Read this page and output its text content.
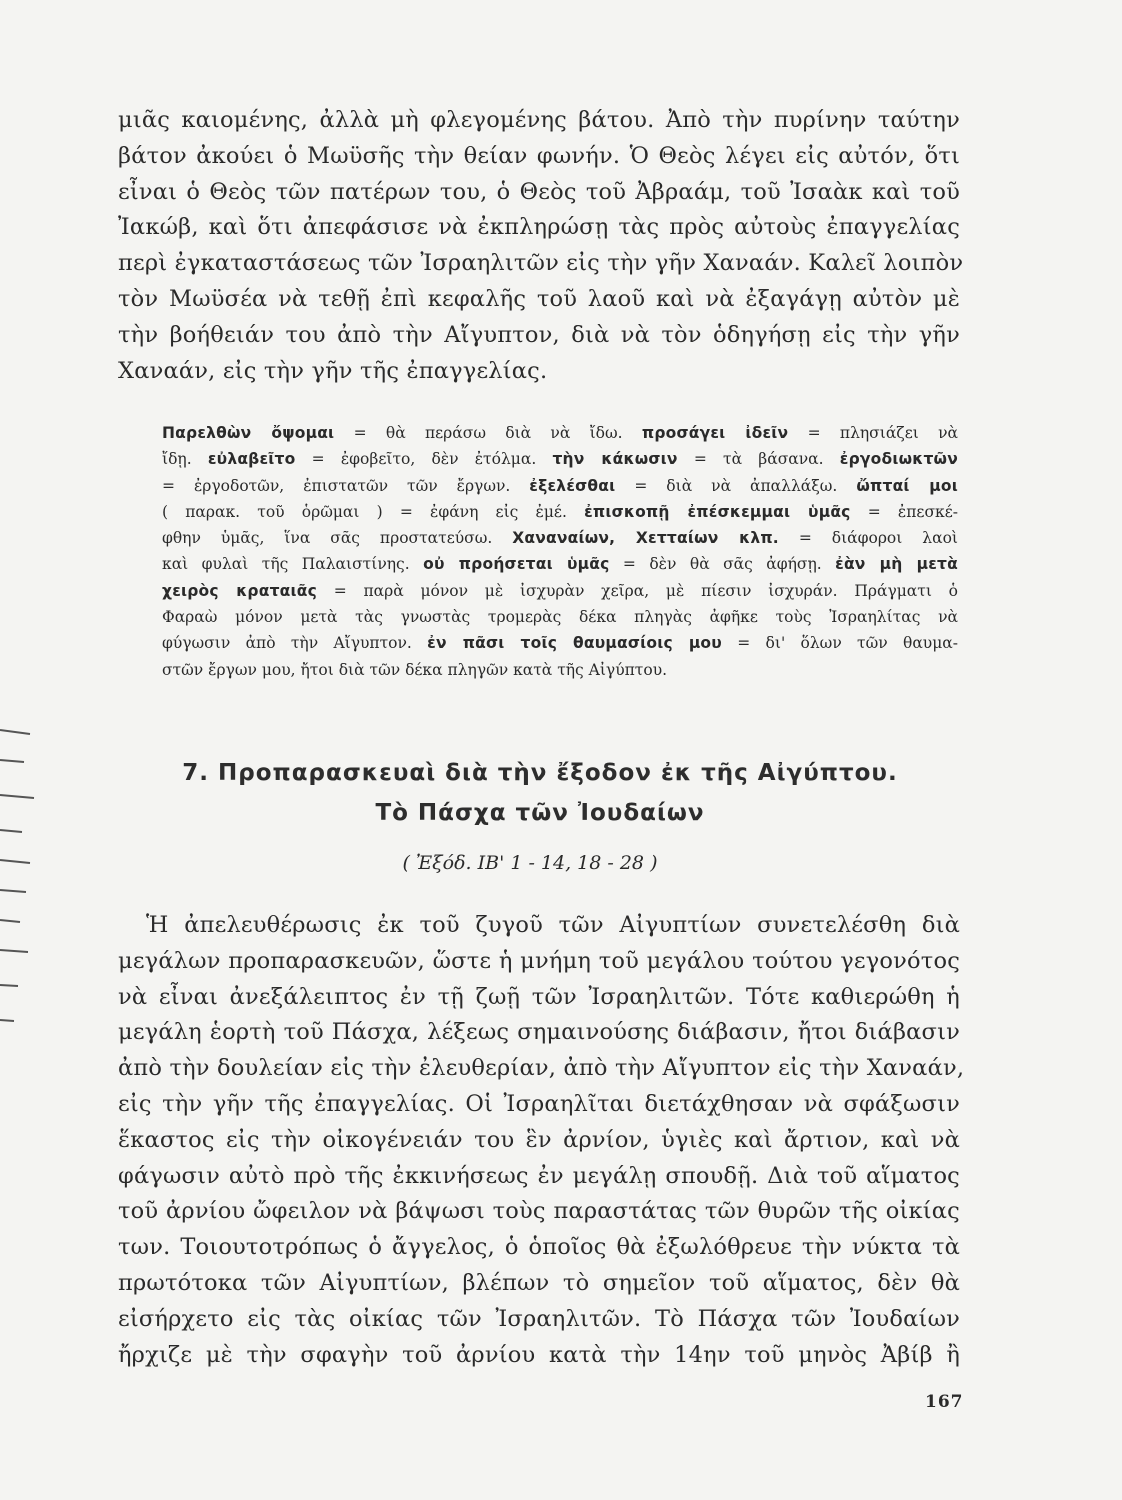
μιᾶς καιομένης, ἀλλὰ μὴ φλεγομένης βάτου. Ἀπὸ τὴν πυρίνην ταύτην
βάτον ἀκούει ὁ Μωϋσῆς τὴν θείαν φωνήν. Ὁ Θεὸς λέγει εἰς αὐτόν, ὅτι
εἶναι ὁ Θεὸς τῶν πατέρων του, ὁ Θεὸς τοῦ Ἀβραάμ, τοῦ Ἰσαὰκ καὶ τοῦ
Ἰακώβ, καὶ ὅτι ἀπεφάσισε νὰ ἐκπληρώσῃ τὰς πρὸς αὐτοὺς ἐπαγγελίας
περὶ ἐγκαταστάσεως τῶν Ἰσραηλιτῶν εἰς τὴν γῆν Χαναάν. Καλεῖ λοιπὸν
τὸν Μωϋσέα νὰ τεθῇ ἐπὶ κεφαλῆς τοῦ λαοῦ καὶ νὰ ἐξαγάγῃ αὐτὸν μὲ
τὴν βοήθειάν του ἀπὸ τὴν Αἴγυπτον, διὰ νὰ τὸν ὁδηγήσῃ εἰς τὴν γῆν
Χαναάν, εἰς τὴν γῆν τῆς ἐπαγγελίας.
Παρελθὼν ὄψομαι = θὰ περάσω διὰ νὰ ἴδω. προσάγει ἰδεῖν = πλησιάζει νὰ
ἴδῃ. εὐλαβεῖτο = ἐφοβεῖτο, δὲν ἐτόλμα. τὴν κάκωσιν = τὰ βάσανα. ἐργοδιωκτῶν
= ἐργοδοτῶν, ἐπιστατῶν τῶν ἔργων. ἐξελέσθαι = διὰ νὰ ἀπαλλάξω. ὤπταί μοι
( παρακ. τοῦ ὁρῶμαι ) = ἐφάνη εἰς ἐμέ. ἐπισκοπῇ ἐπέσκεμμαι ὑμᾶς = ἐπεσκέ-
φθην ὑμᾶς, ἵνα σᾶς προστατεύσω. Χαναναίων, Χετταίων κλπ. = διάφοροι λαοὶ
καὶ φυλαὶ τῆς Παλαιστίνης. οὐ προήσεται ὑμᾶς = δὲν θὰ σᾶς ἀφήσῃ. ἐὰν μὴ μετὰ
χειρὸς κραταιᾶς = παρὰ μόνον μὲ ἰσχυρὰν χεῖρα, μὲ πίεσιν ἰσχυράν. Πράγματι ὁ
Φαραὼ μόνον μετὰ τὰς γνωστὰς τρομερὰς δέκα πληγὰς ἀφῆκε τοὺς Ἰσραηλίτας νὰ
φύγωσιν ἀπὸ τὴν Αἴγυπτον. ἐν πᾶσι τοῖς θαυμασίοις μου = δι' ὅλων τῶν θαυμα-
στῶν ἔργων μου, ἤτοι διὰ τῶν δέκα πληγῶν κατὰ τῆς Αἰγύπτου.
7. Προπαρασκευαὶ διὰ τὴν ἔξοδον ἐκ τῆς Αἰγύπτου.
Τὸ Πάσχα τῶν Ἰουδαίων
( Ἐξόδ. ΙΒ' 1 - 14, 18 - 28 )
Ἡ ἀπελευθέρωσις ἐκ τοῦ ζυγοῦ τῶν Αἰγυπτίων συνετελέσθη διὰ
μεγάλων προπαρασκευῶν, ὥστε ἡ μνήμη τοῦ μεγάλου τούτου γεγονότος
νὰ εἶναι ἀνεξάλειπτος ἐν τῇ ζωῇ τῶν Ἰσραηλιτῶν. Τότε καθιερώθη ἡ
μεγάλη ἑορτὴ τοῦ Πάσχα, λέξεως σημαινούσης διάβασιν, ἤτοι διάβασιν
ἀπὸ τὴν δουλείαν εἰς τὴν ἐλευθερίαν, ἀπὸ τὴν Αἴγυπτον εἰς τὴν Χαναάν,
εἰς τὴν γῆν τῆς ἐπαγγελίας. Οἱ Ἰσραηλῖται διετάχθησαν νὰ σφάξωσιν
ἕκαστος εἰς τὴν οἰκογένειάν του ἓν ἀρνίον, ὑγιὲς καὶ ἄρτιον, καὶ νὰ
φάγωσιν αὐτὸ πρὸ τῆς ἐκκινήσεως ἐν μεγάλῃ σπουδῇ. Διὰ τοῦ αἵματος
τοῦ ἀρνίου ὤφειλον νὰ βάψωσι τοὺς παραστάτας τῶν θυρῶν τῆς οἰκίας
των. Τοιουτοτρόπως ὁ ἄγγελος, ὁ ὁποῖος θὰ ἐξωλόθρευε τὴν νύκτα τὰ
πρωτότοκα τῶν Αἰγυπτίων, βλέπων τὸ σημεῖον τοῦ αἵματος, δὲν θὰ
εἰσήρχετο εἰς τὰς οἰκίας τῶν Ἰσραηλιτῶν. Τὸ Πάσχα τῶν Ἰουδαίων
ἤρχιζε μὲ τὴν σφαγὴν τοῦ ἀρνίου κατὰ τὴν 14ην τοῦ μηνὸς Ἀβίβ ἢ
167
